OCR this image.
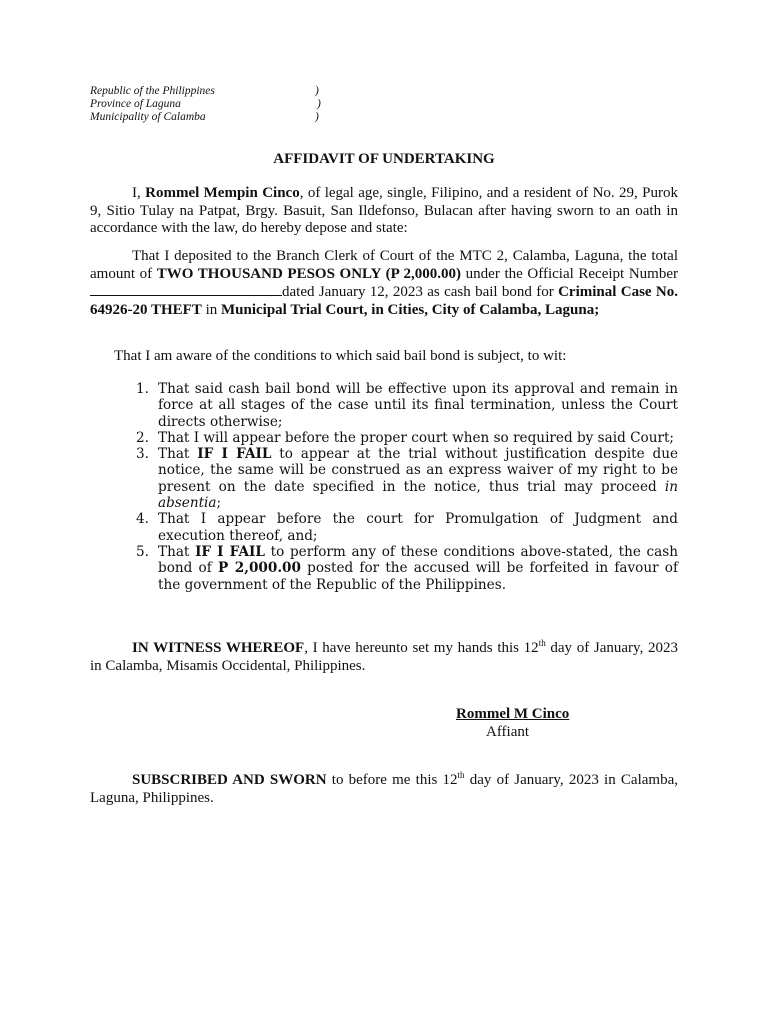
Republic of the Philippines	)
Province of Laguna	)
Municipality of Calamba	)
AFFIDAVIT OF UNDERTAKING

I, Rommel Mempin Cinco, of legal age, single, Filipino, and a resident of No. 29, Purok 9, Sitio Tulay na Patpat, Brgy. Basuit, San Ildefonso, Bulacan after having sworn to an oath in accordance with the law, do hereby depose and state:

That I deposited to the Branch Clerk of Court of the MTC 2, Calamba, Laguna, the total amount of TWO THOUSAND PESOS ONLY (P 2,000.00) under the Official Receipt Number dated January 12, 2023 as cash bail bond for Criminal Case No. 64926-20 THEFT in Municipal Trial Court, in Cities, City of Calamba, Laguna;

That I am aware of the conditions to which said bail bond is subject, to wit:

1. That said cash bail bond will be effective upon its approval and remain in force at all stages of the case until its final termination, unless the Court directs otherwise;
2. That I will appear before the proper court when so required by said Court;
3. That IF I FAIL to appear at the trial without justification despite due notice, the same will be construed as an express waiver of my right to be present on the date specified in the notice, thus trial may proceed in absentia;
4. That I appear before the court for Promulgation of Judgment and execution thereof, and;
5. That IF I FAIL to perform any of these conditions above-stated, the cash bond of P 2,000.00 posted for the accused will be forfeited in favour of the government of the Republic of the Philippines.

IN WITNESS WHEREOF, I have hereunto set my hands this 12th day of January, 2023 in Calamba, Misamis Occidental, Philippines.

Rommel M Cinco
Affiant

SUBSCRIBED AND SWORN to before me this 12th day of January, 2023 in Calamba, Laguna, Philippines.
